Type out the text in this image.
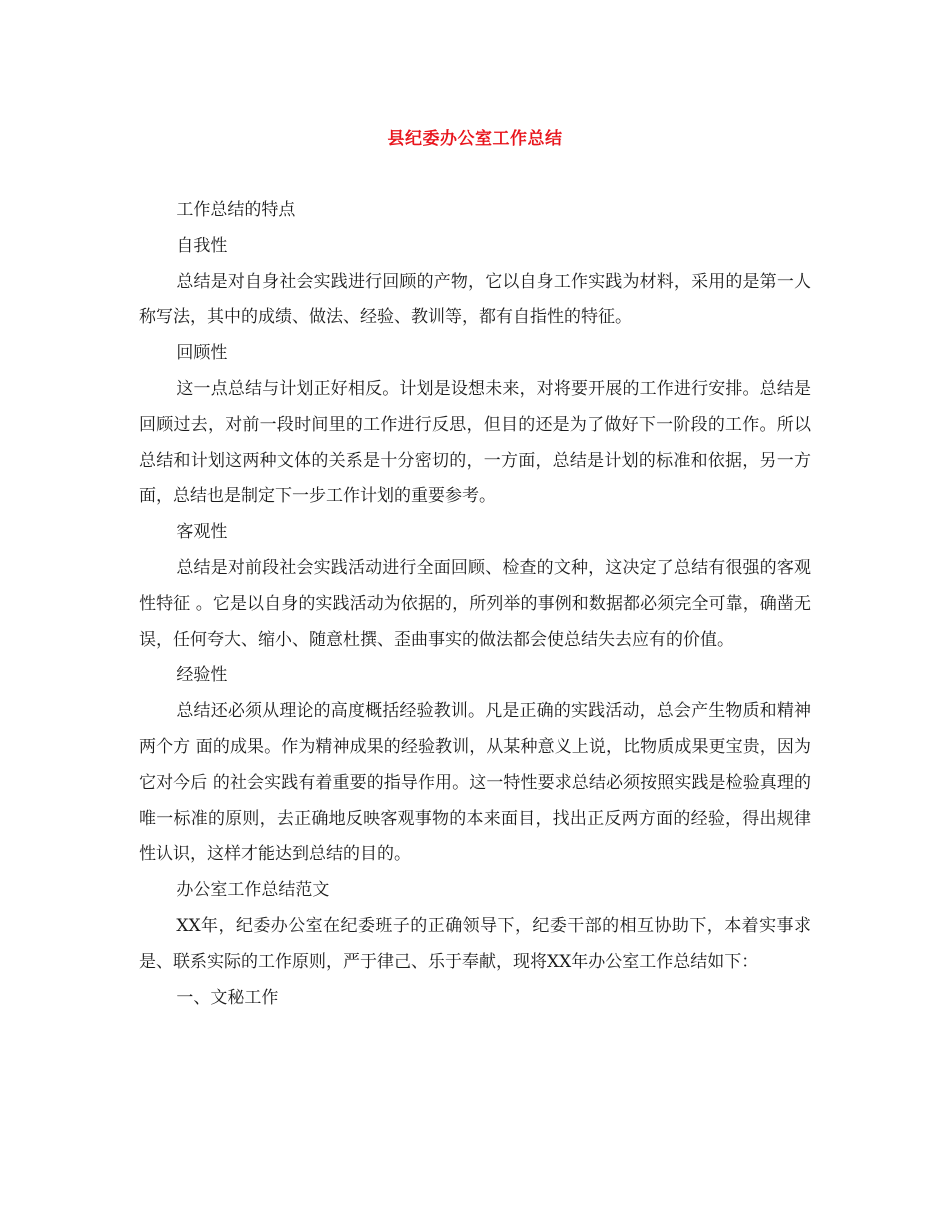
县纪委办公室工作总结

工作总结的特点

自我性

总结是对自身社会实践进行回顾的产物，它以自身工作实践为材料，采用的是第一人称写法，其中的成绩、做法、经验、教训等，都有自指性的特征。

回顾性

这一点总结与计划正好相反。计划是设想未来，对将要开展的工作进行安排。总结是回顾过去，对前一段时间里的工作进行反思，但目的还是为了做好下一阶段的工作。所以总结和计划这两种文体的关系是十分密切的，一方面，总结是计划的标准和依据，另一方面，总结也是制定下一步工作计划的重要参考。

客观性

总结是对前段社会实践活动进行全面回顾、检查的文种，这决定了总结有很强的客观性特征 。它是以自身的实践活动为依据的，所列举的事例和数据都必须完全可靠，确凿无误，任何夸大、缩小、随意杜撰、歪曲事实的做法都会使总结失去应有的价值。

经验性

总结还必须从理论的高度概括经验教训。凡是正确的实践活动，总会产生物质和精神两个方 面的成果。作为精神成果的经验教训，从某种意义上说，比物质成果更宝贵，因为它对今后 的社会实践有着重要的指导作用。这一特性要求总结必须按照实践是检验真理的唯一标准的原则，去正确地反映客观事物的本来面目，找出正反两方面的经验，得出规律性认识，这样才能达到总结的目的。

办公室工作总结范文

XX年，纪委办公室在纪委班子的正确领导下，纪委干部的相互协助下，本着实事求是、联系实际的工作原则，严于律己、乐于奉献，现将XX年办公室工作总结如下：

一、文秘工作
